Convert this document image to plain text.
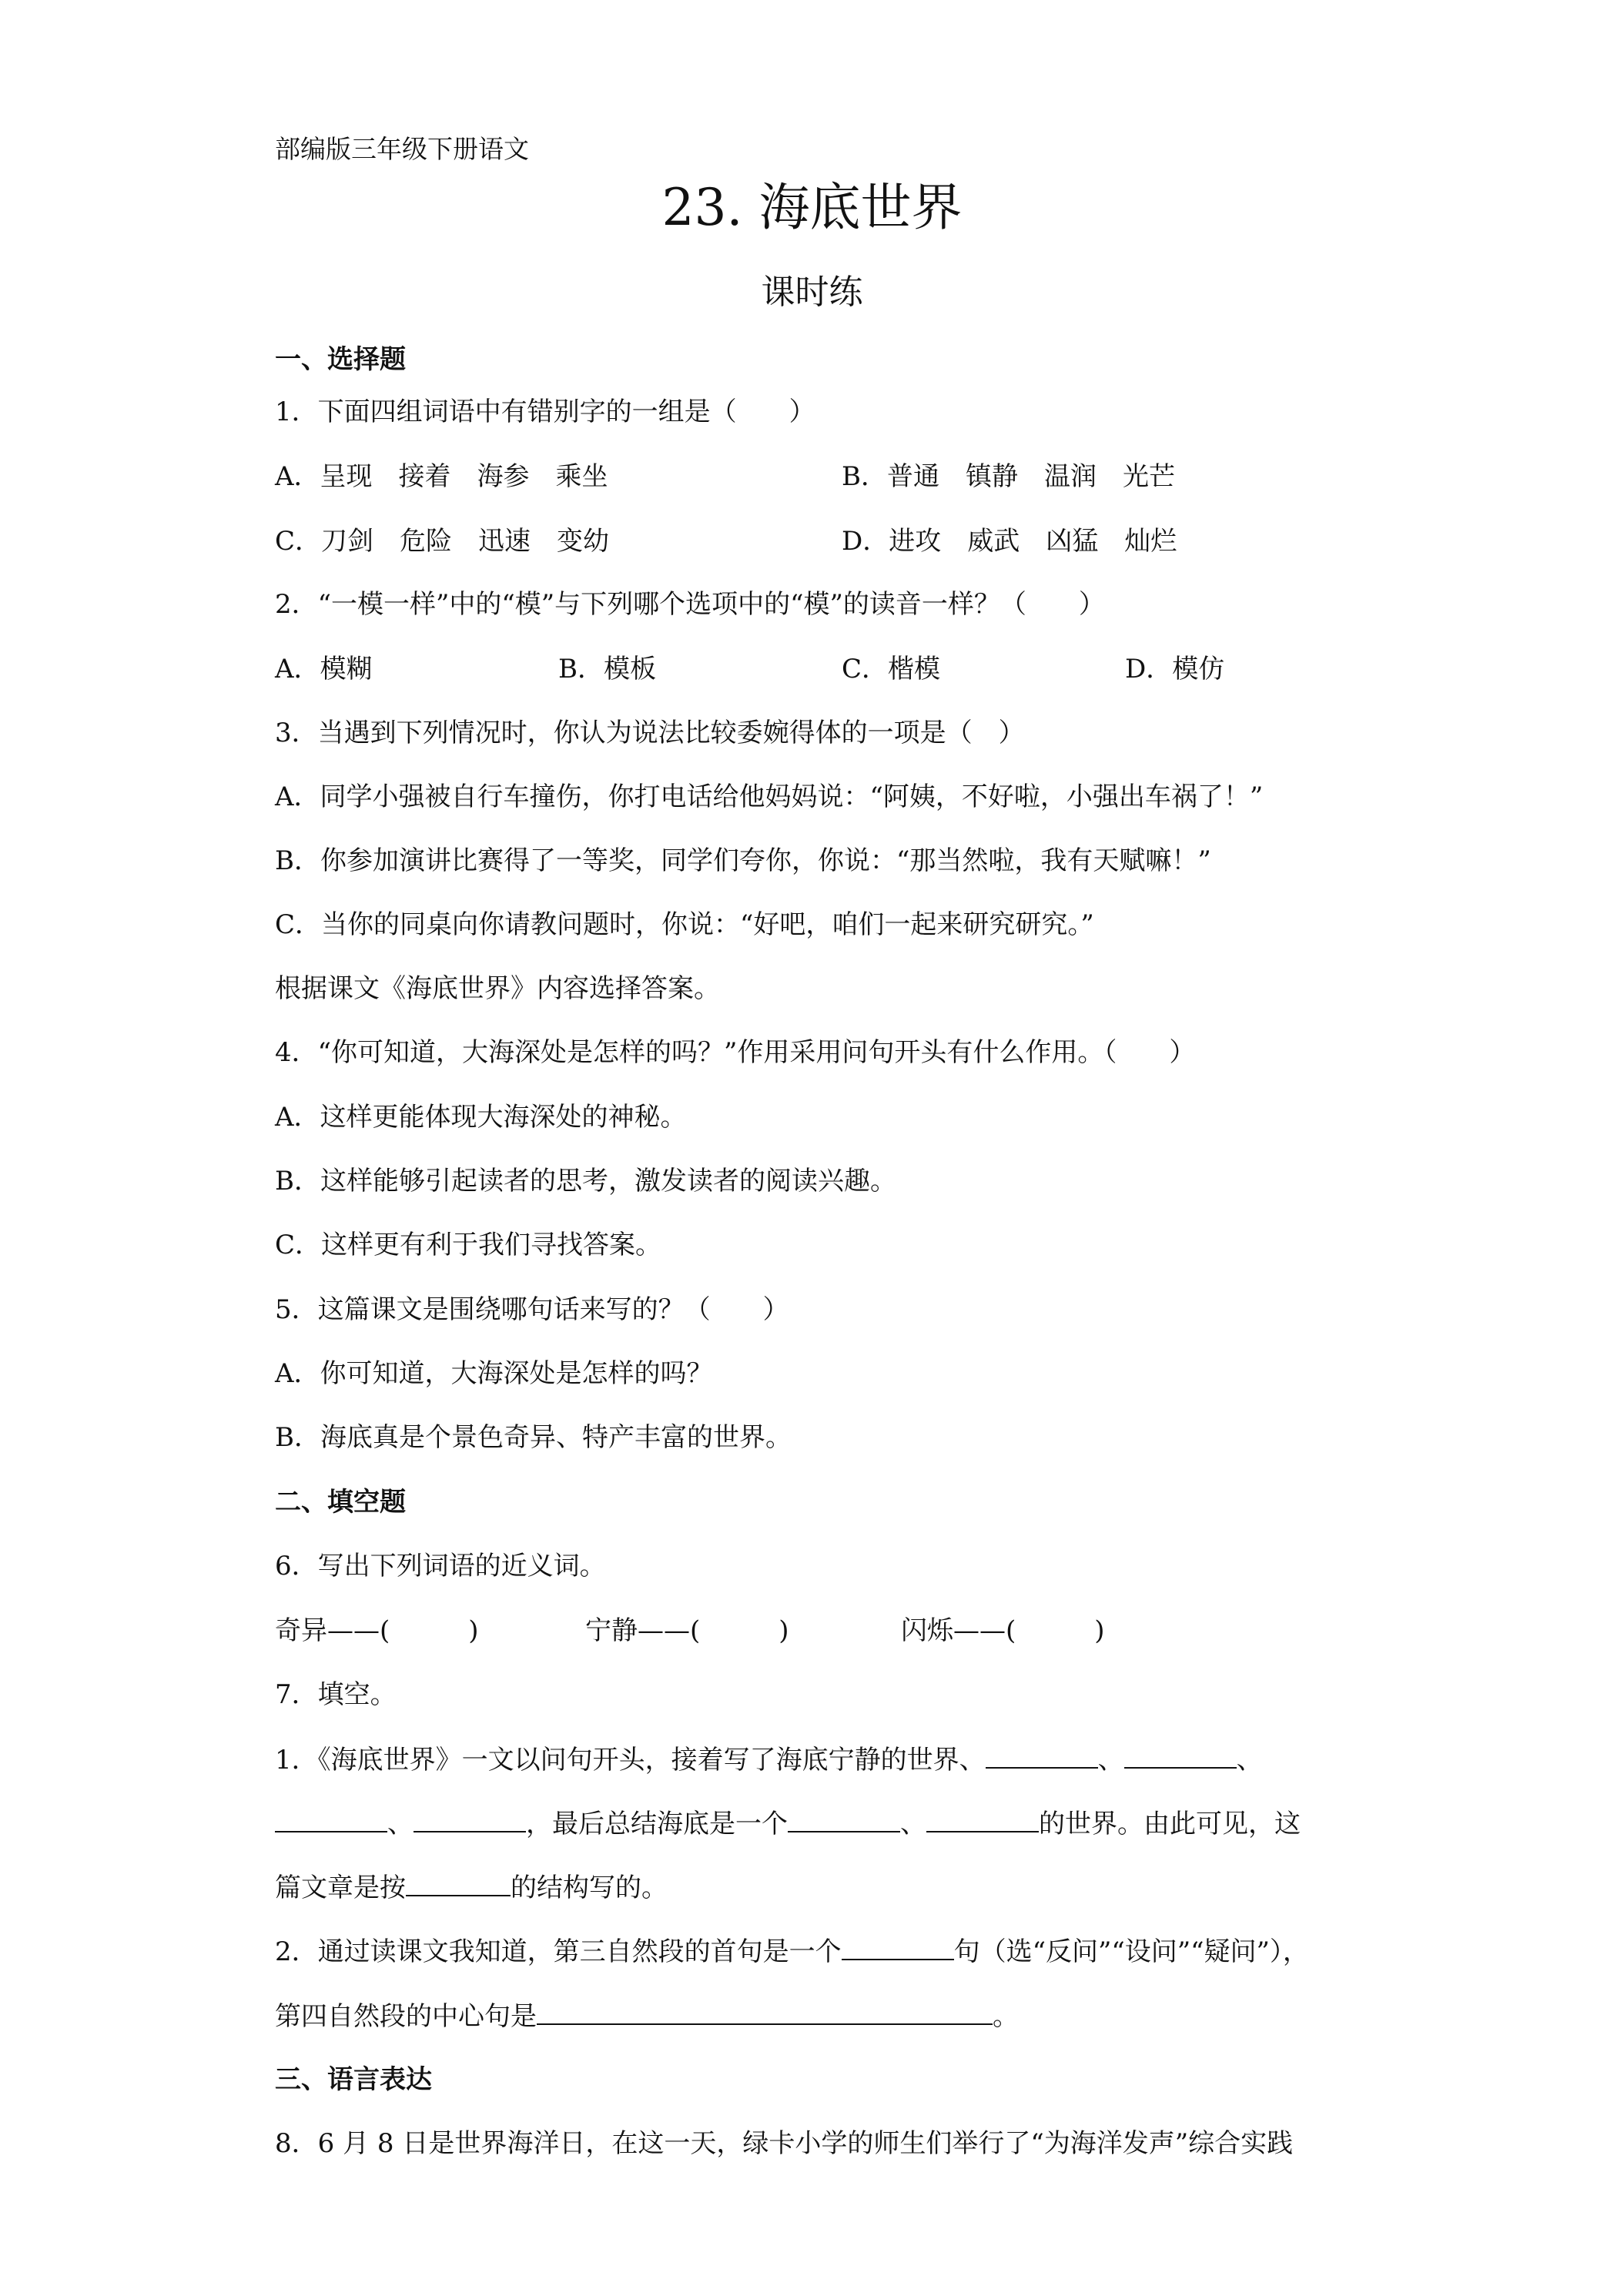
部编版三年级下册语文
23. 海底世界
课时练
一、选择题
1．下面四组词语中有错别字的一组是（　　）
A．呈现　接着　海参　乘坐	B．普通　镇静　温润　光芒
C．刀剑　危险　迅速　变幼	D．进攻　威武　凶猛　灿烂
2．“一模一样”中的“模”与下列哪个选项中的“模”的读音一样？（　　）
A．模糊	B．模板	C．楷模	D．模仿
3．当遇到下列情况时，你认为说法比较委婉得体的一项是（　）
A．同学小强被自行车撞伤，你打电话给他妈妈说：“阿姨，不好啦，小强出车祸了！”
B．你参加演讲比赛得了一等奖，同学们夸你，你说：“那当然啦，我有天赋嘛！”
C．当你的同桌向你请教问题时，你说：“好吧，咱们一起来研究研究。”
根据课文《海底世界》内容选择答案。
4．“你可知道，大海深处是怎样的吗？”作用采用问句开头有什么作用。（　　）
A．这样更能体现大海深处的神秘。
B．这样能够引起读者的思考，激发读者的阅读兴趣。
C．这样更有利于我们寻找答案。
5．这篇课文是围绕哪句话来写的？（　　）
A．你可知道，大海深处是怎样的吗？
B．海底真是个景色奇异、特产丰富的世界。
二、填空题
6．写出下列词语的近义词。
奇异——(　　　)	宁静——(　　　)	闪烁——(　　　)
7．填空。
1．《海底世界》一文以问句开头，接着写了海底宁静的世界、	、	、
、	，最后总结海底是一个	、	的世界。由此可见，这
篇文章是按	的结构写的。
2．通过读课文我知道，第三自然段的首句是一个	句（选“反问”“设问”“疑问”），
第四自然段的中心句是	。
三、语言表达
8．6 月 8 日是世界海洋日，在这一天，绿卡小学的师生们举行了“为海洋发声”综合实践
